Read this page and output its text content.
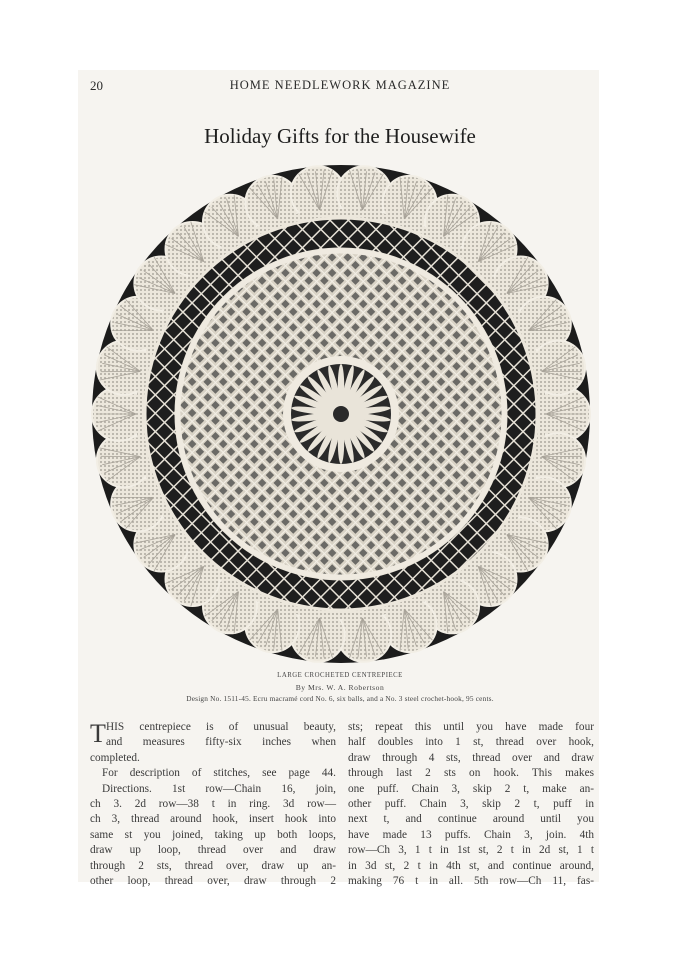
20	HOME NEEDLEWORK MAGAZINE
Holiday Gifts for the Housewife
LARGE CROCHETED CENTREPIECE
By Mrs. W. A. Robertson
Design No. 1511-45. Ecru macramé cord No. 6, six balls, and a No. 3 steel crochet-hook, 95 cents.
T HIS centrepiece is of unusual beauty,
and measures fifty-six inches when
completed.
For description of stitches, see page 44.
Directions. 1st row—Chain 16, join,
ch 3. 2d row—38 t in ring. 3d row—
ch 3, thread around hook, insert hook into
same st you joined, taking up both loops,
draw up loop, thread over and draw
through 2 sts, thread over, draw up an-
other loop, thread over, draw through 2
sts; repeat this until you have made four
half doubles into 1 st, thread over hook,
draw through 4 sts, thread over and draw
through last 2 sts on hook. This makes
one puff. Chain 3, skip 2 t, make an-
other puff. Chain 3, skip 2 t, puff in
next t, and continue around until you
have made 13 puffs. Chain 3, join. 4th
row—Ch 3, 1 t in 1st st, 2 t in 2d st, 1 t
in 3d st, 2 t in 4th st, and continue around,
making 76 t in all. 5th row—Ch 11, fas-
